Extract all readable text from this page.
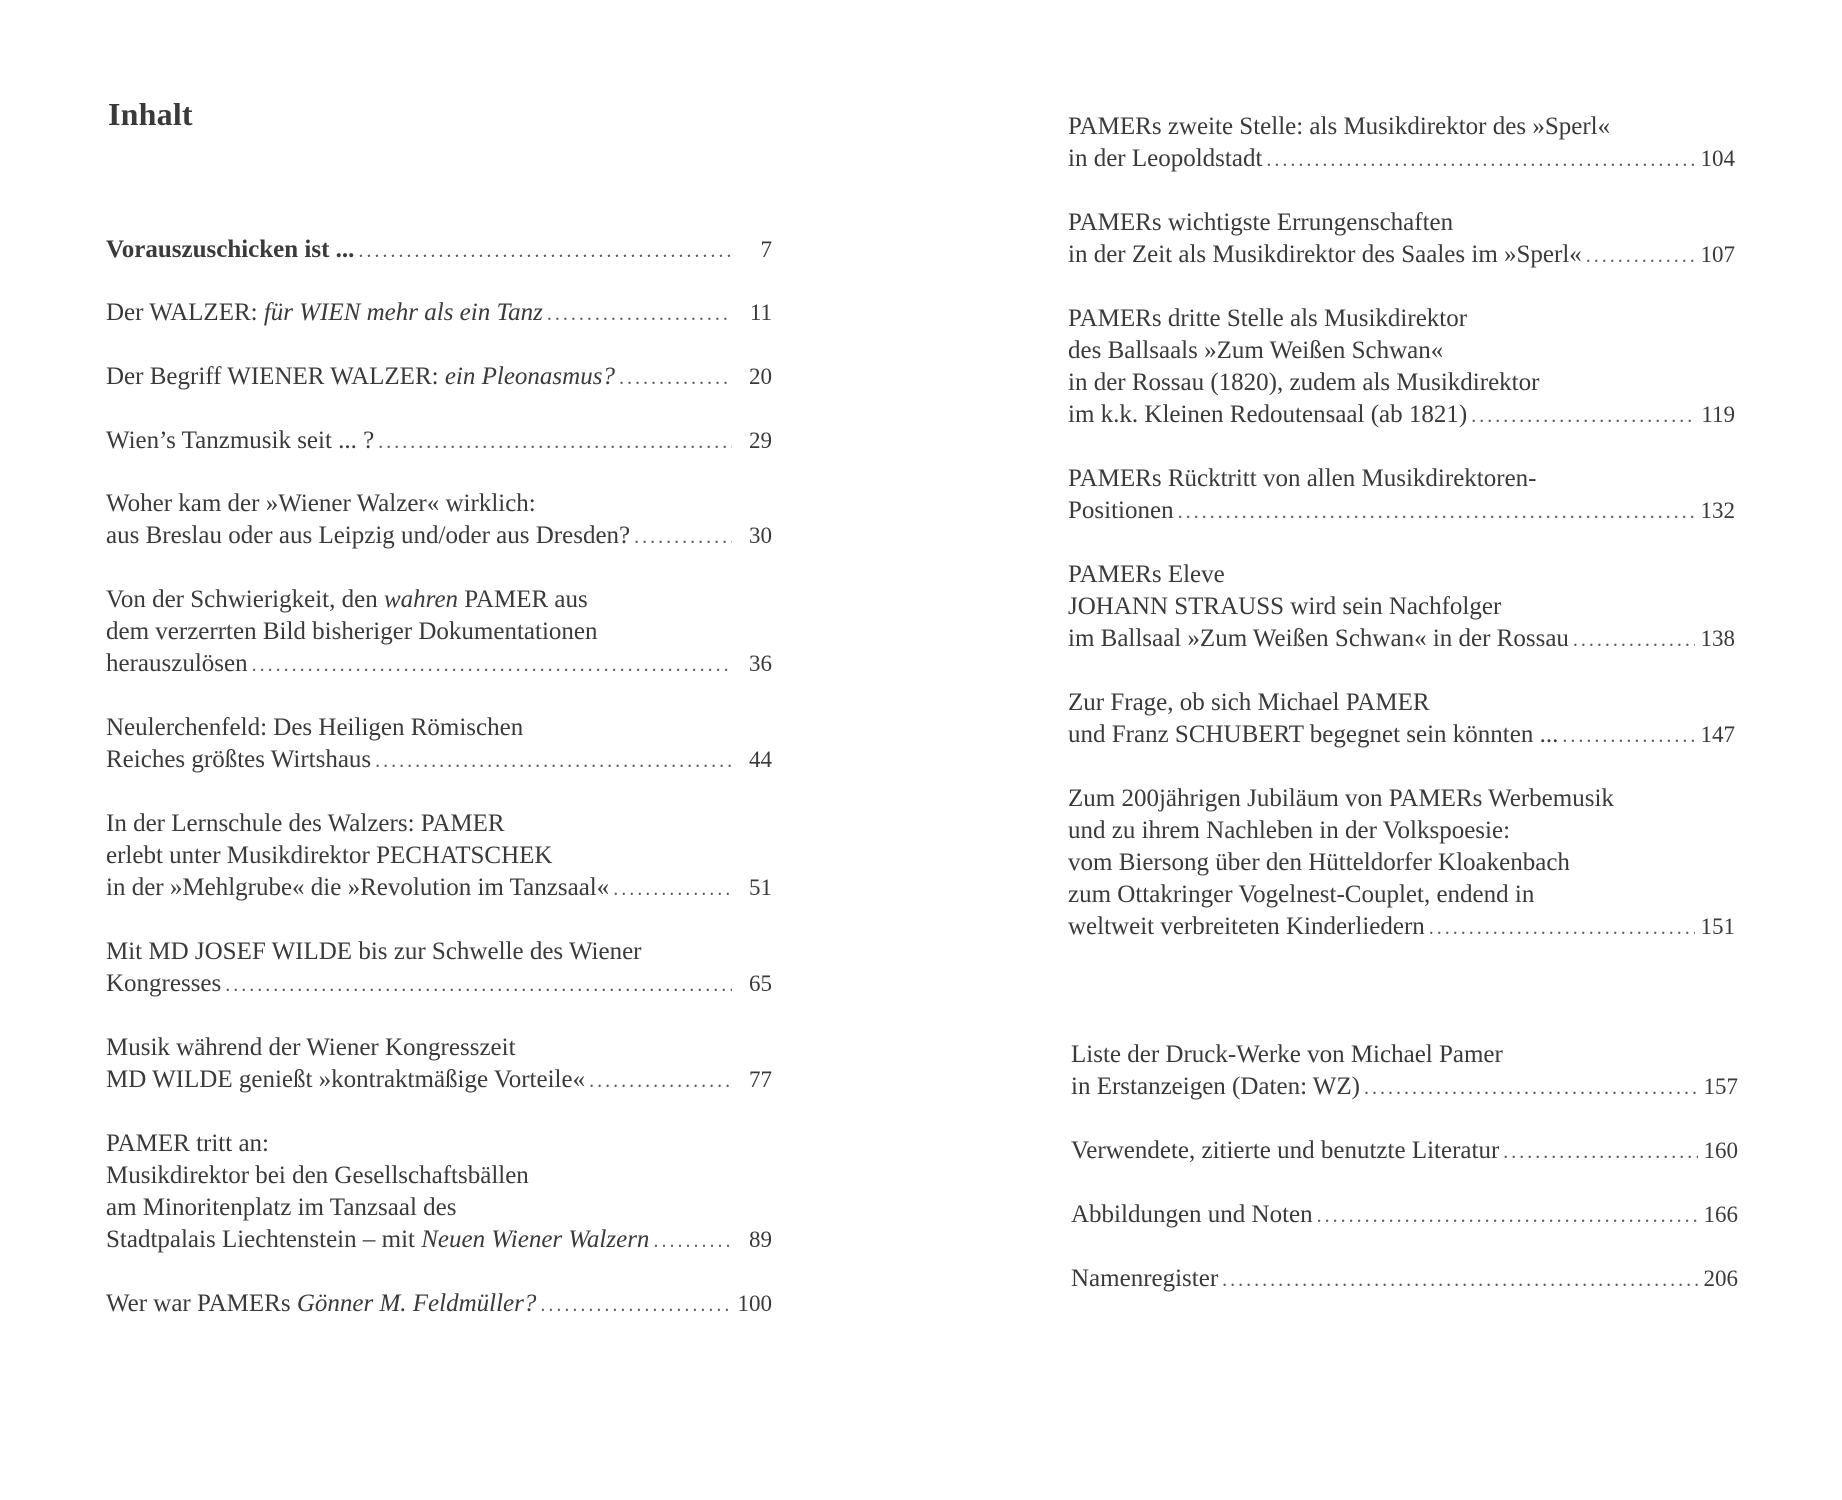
Inhalt
Vorauszuschicken ist ... .....	7
Der WALZER: für WIEN mehr als ein Tanz .....	11
Der Begriff WIENER WALZER: ein Pleonasmus? .....	20
Wien’s Tanzmusik seit ... ? .....	29
Woher kam der »Wiener Walzer« wirklich:
aus Breslau oder aus Leipzig und/oder aus Dresden? .....	30
Von der Schwierigkeit, den wahren PAMER aus
dem verzerrten Bild bisheriger Dokumentationen
herauszulösen .....	36
Neulerchenfeld: Des Heiligen Römischen
Reiches größtes Wirtshaus .....	44
In der Lernschule des Walzers: PAMER
erlebt unter Musikdirektor PECHATSCHEK
in der »Mehlgrube« die »Revolution im Tanzsaal« .....	51
Mit MD JOSEF WILDE bis zur Schwelle des Wiener
Kongresses .....	65
Musik während der Wiener Kongresszeit
MD WILDE genießt »kontraktmäßige Vorteile« .....	77
PAMER tritt an:
Musikdirektor bei den Gesellschaftsbällen
am Minoritenplatz im Tanzsaal des
Stadtpalais Liechtenstein – mit Neuen Wiener Walzern .....	89
Wer war PAMERs Gönner M. Feldmüller? .....	100
PAMERs zweite Stelle: als Musikdirektor des »Sperl«
in der Leopoldstadt .....	104
PAMERs wichtigste Errungenschaften
in der Zeit als Musikdirektor des Saales im »Sperl« .....	107
PAMERs dritte Stelle als Musikdirektor
des Ballsaals »Zum Weißen Schwan«
in der Rossau (1820), zudem als Musikdirektor
im k.k. Kleinen Redoutensaal (ab 1821) .....	119
PAMERs Rücktritt von allen Musikdirektoren-
Positionen .....	132
PAMERs Eleve
JOHANN STRAUSS wird sein Nachfolger
im Ballsaal »Zum Weißen Schwan« in der Rossau .....	138
Zur Frage, ob sich Michael PAMER
und Franz SCHUBERT begegnet sein könnten ... .....	147
Zum 200jährigen Jubiläum von PAMERs Werbemusik
und zu ihrem Nachleben in der Volkspoesie:
vom Biersong über den Hütteldorfer Kloakenbach
zum Ottakringer Vogelnest-Couplet, endend in
weltweit verbreiteten Kinderliedern .....	151
Liste der Druck-Werke von Michael Pamer
in Erstanzeigen (Daten: WZ) .....	157
Verwendete, zitierte und benutzte Literatur .....	160
Abbildungen und Noten .....	166
Namenregister .....	206
